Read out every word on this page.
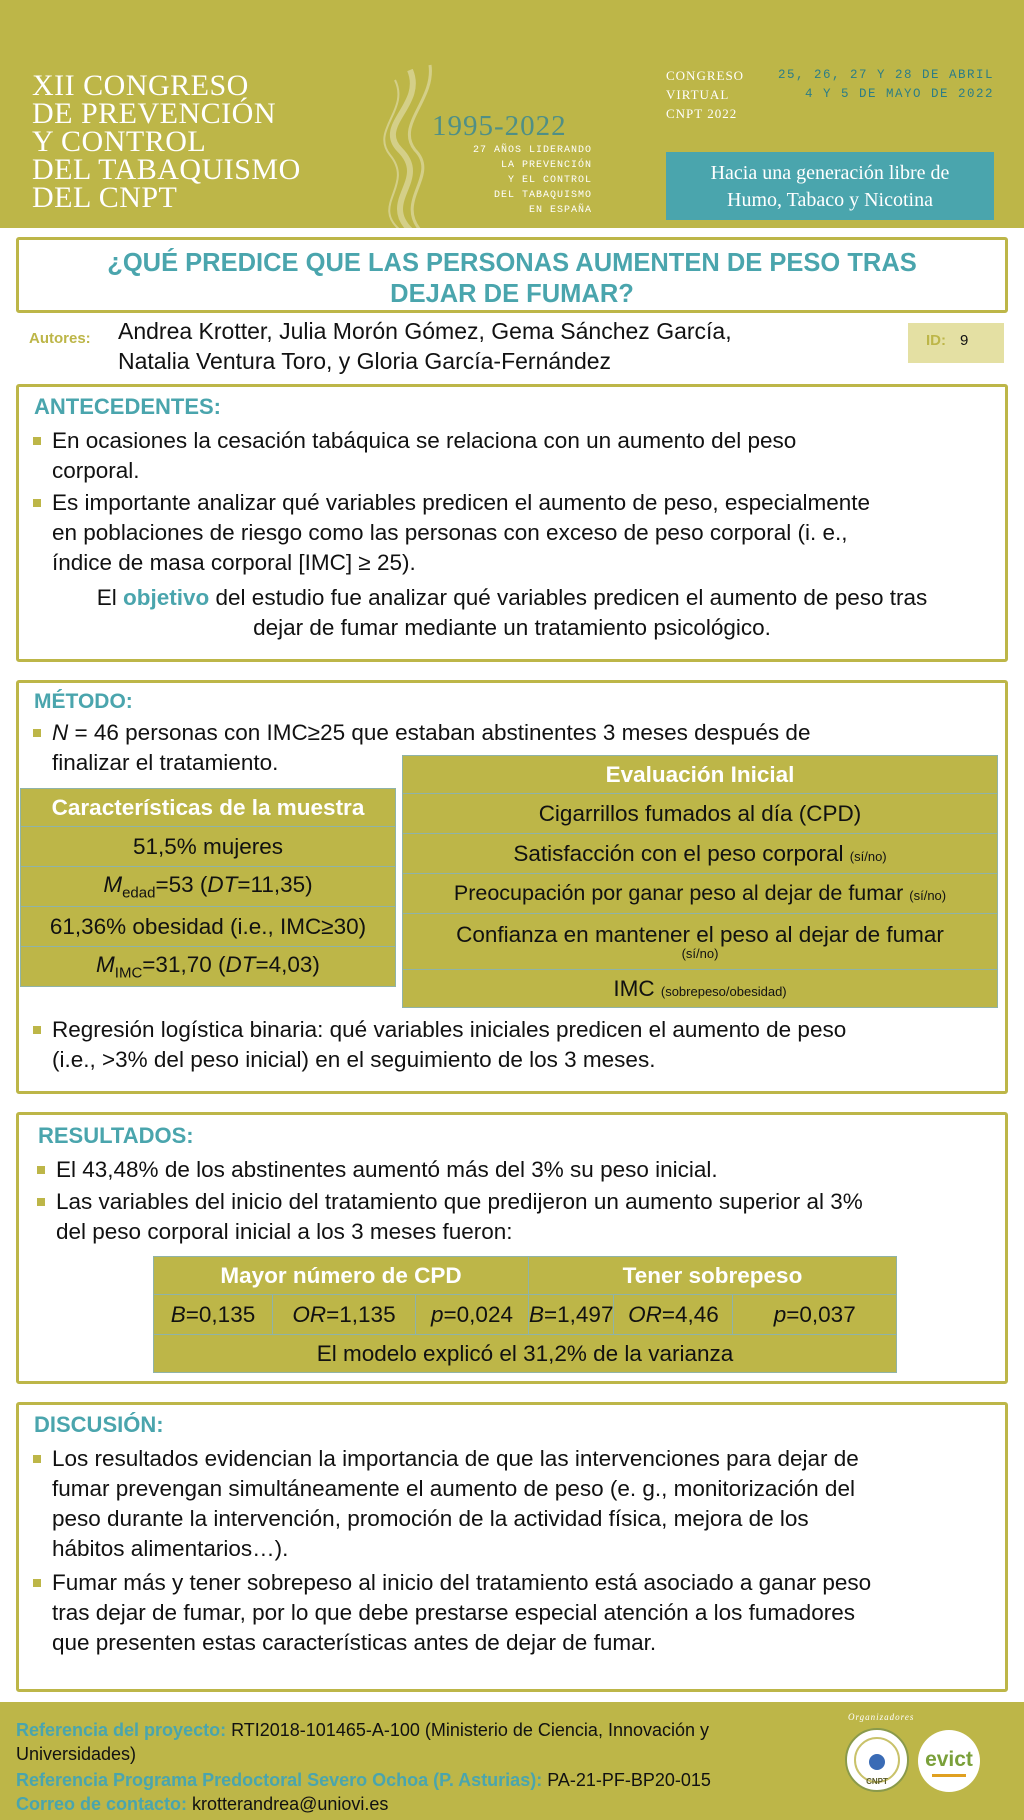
XII CONGRESO
DE PREVENCIÓN
Y CONTROL
DEL TABAQUISMO
DEL CNPT
1995-2022
27 AÑOS LIDERANDO
LA PREVENCIÓN
Y EL CONTROL
DEL TABAQUISMO
EN ESPAÑA
CONGRESO
VIRTUAL
CNPT 2022
25, 26, 27 Y 28 DE ABRIL
4 Y 5 DE MAYO DE 2022
Hacia una generación libre de
Humo, Tabaco y Nicotina
¿QUÉ PREDICE QUE LAS PERSONAS AUMENTEN DE PESO TRAS
DEJAR DE FUMAR?
Autores: Andrea Krotter, Julia Morón Gómez, Gema Sánchez García,
Natalia Ventura Toro, y Gloria García-Fernández
ID: 9
ANTECEDENTES:
En ocasiones la cesación tabáquica se relaciona con un aumento del peso
corporal.
Es importante analizar qué variables predicen el aumento de peso, especialmente
en poblaciones de riesgo como las personas con exceso de peso corporal (i. e.,
índice de masa corporal [IMC] ≥ 25).
El objetivo del estudio fue analizar qué variables predicen el aumento de peso tras
dejar de fumar mediante un tratamiento psicológico.
MÉTODO:
N = 46 personas con IMC≥25 que estaban abstinentes 3 meses después de
finalizar el tratamiento.
Características de la muestra
51,5% mujeres
$M_{edad}=53$ (DT=11,35)
61,36% obesidad (i.e., IMC≥30)
$M_{IMC}=31,70$ (DT=4,03)
Evaluación Inicial
Cigarrillos fumados al día (CPD)
Satisfacción con el peso corporal (sí/no)
Preocupación por ganar peso al dejar de fumar (sí/no)

Confianza en mantener el peso al dejar de fumar
(sí/no)

IMC (sobrepeso/obesidad)
Regresión logística binaria: qué variables iniciales predicen el aumento de peso
(i.e., >3% del peso inicial) en el seguimiento de los 3 meses.
RESULTADOS:
El 43,48% de los abstinentes aumentó más del 3% su peso inicial.
Las variables del inicio del tratamiento que predijeron un aumento superior al 3%
del peso corporal inicial a los 3 meses fueron:
Mayor número de CPD			Tener sobrepeso		
B=0,135	OR=1,135	p=0,024	B=1,497	OR=4,46	p=0,037
El modelo explicó el 31,2% de la varianza					
DISCUSIÓN:
Los resultados evidencian la importancia de que las intervenciones para dejar de
fumar prevengan simultáneamente el aumento de peso (e. g., monitorización del
peso durante la intervención, promoción de la actividad física, mejora de los
hábitos alimentarios…).
Fumar más y tener sobrepeso al inicio del tratamiento está asociado a ganar peso
tras dejar de fumar, por lo que debe prestarse especial atención a los fumadores
que presenten estas características antes de dejar de fumar.
Referencia del proyecto: RTI2018-101465-A-100 (Ministerio de Ciencia, Innovación y
Universidades)
Referencia Programa Predoctoral Severo Ochoa (P. Asturias): PA-21-PF-BP20-015
Correo de contacto: krotterandrea@uniovi.es
Organizadores
CNPT
evict
